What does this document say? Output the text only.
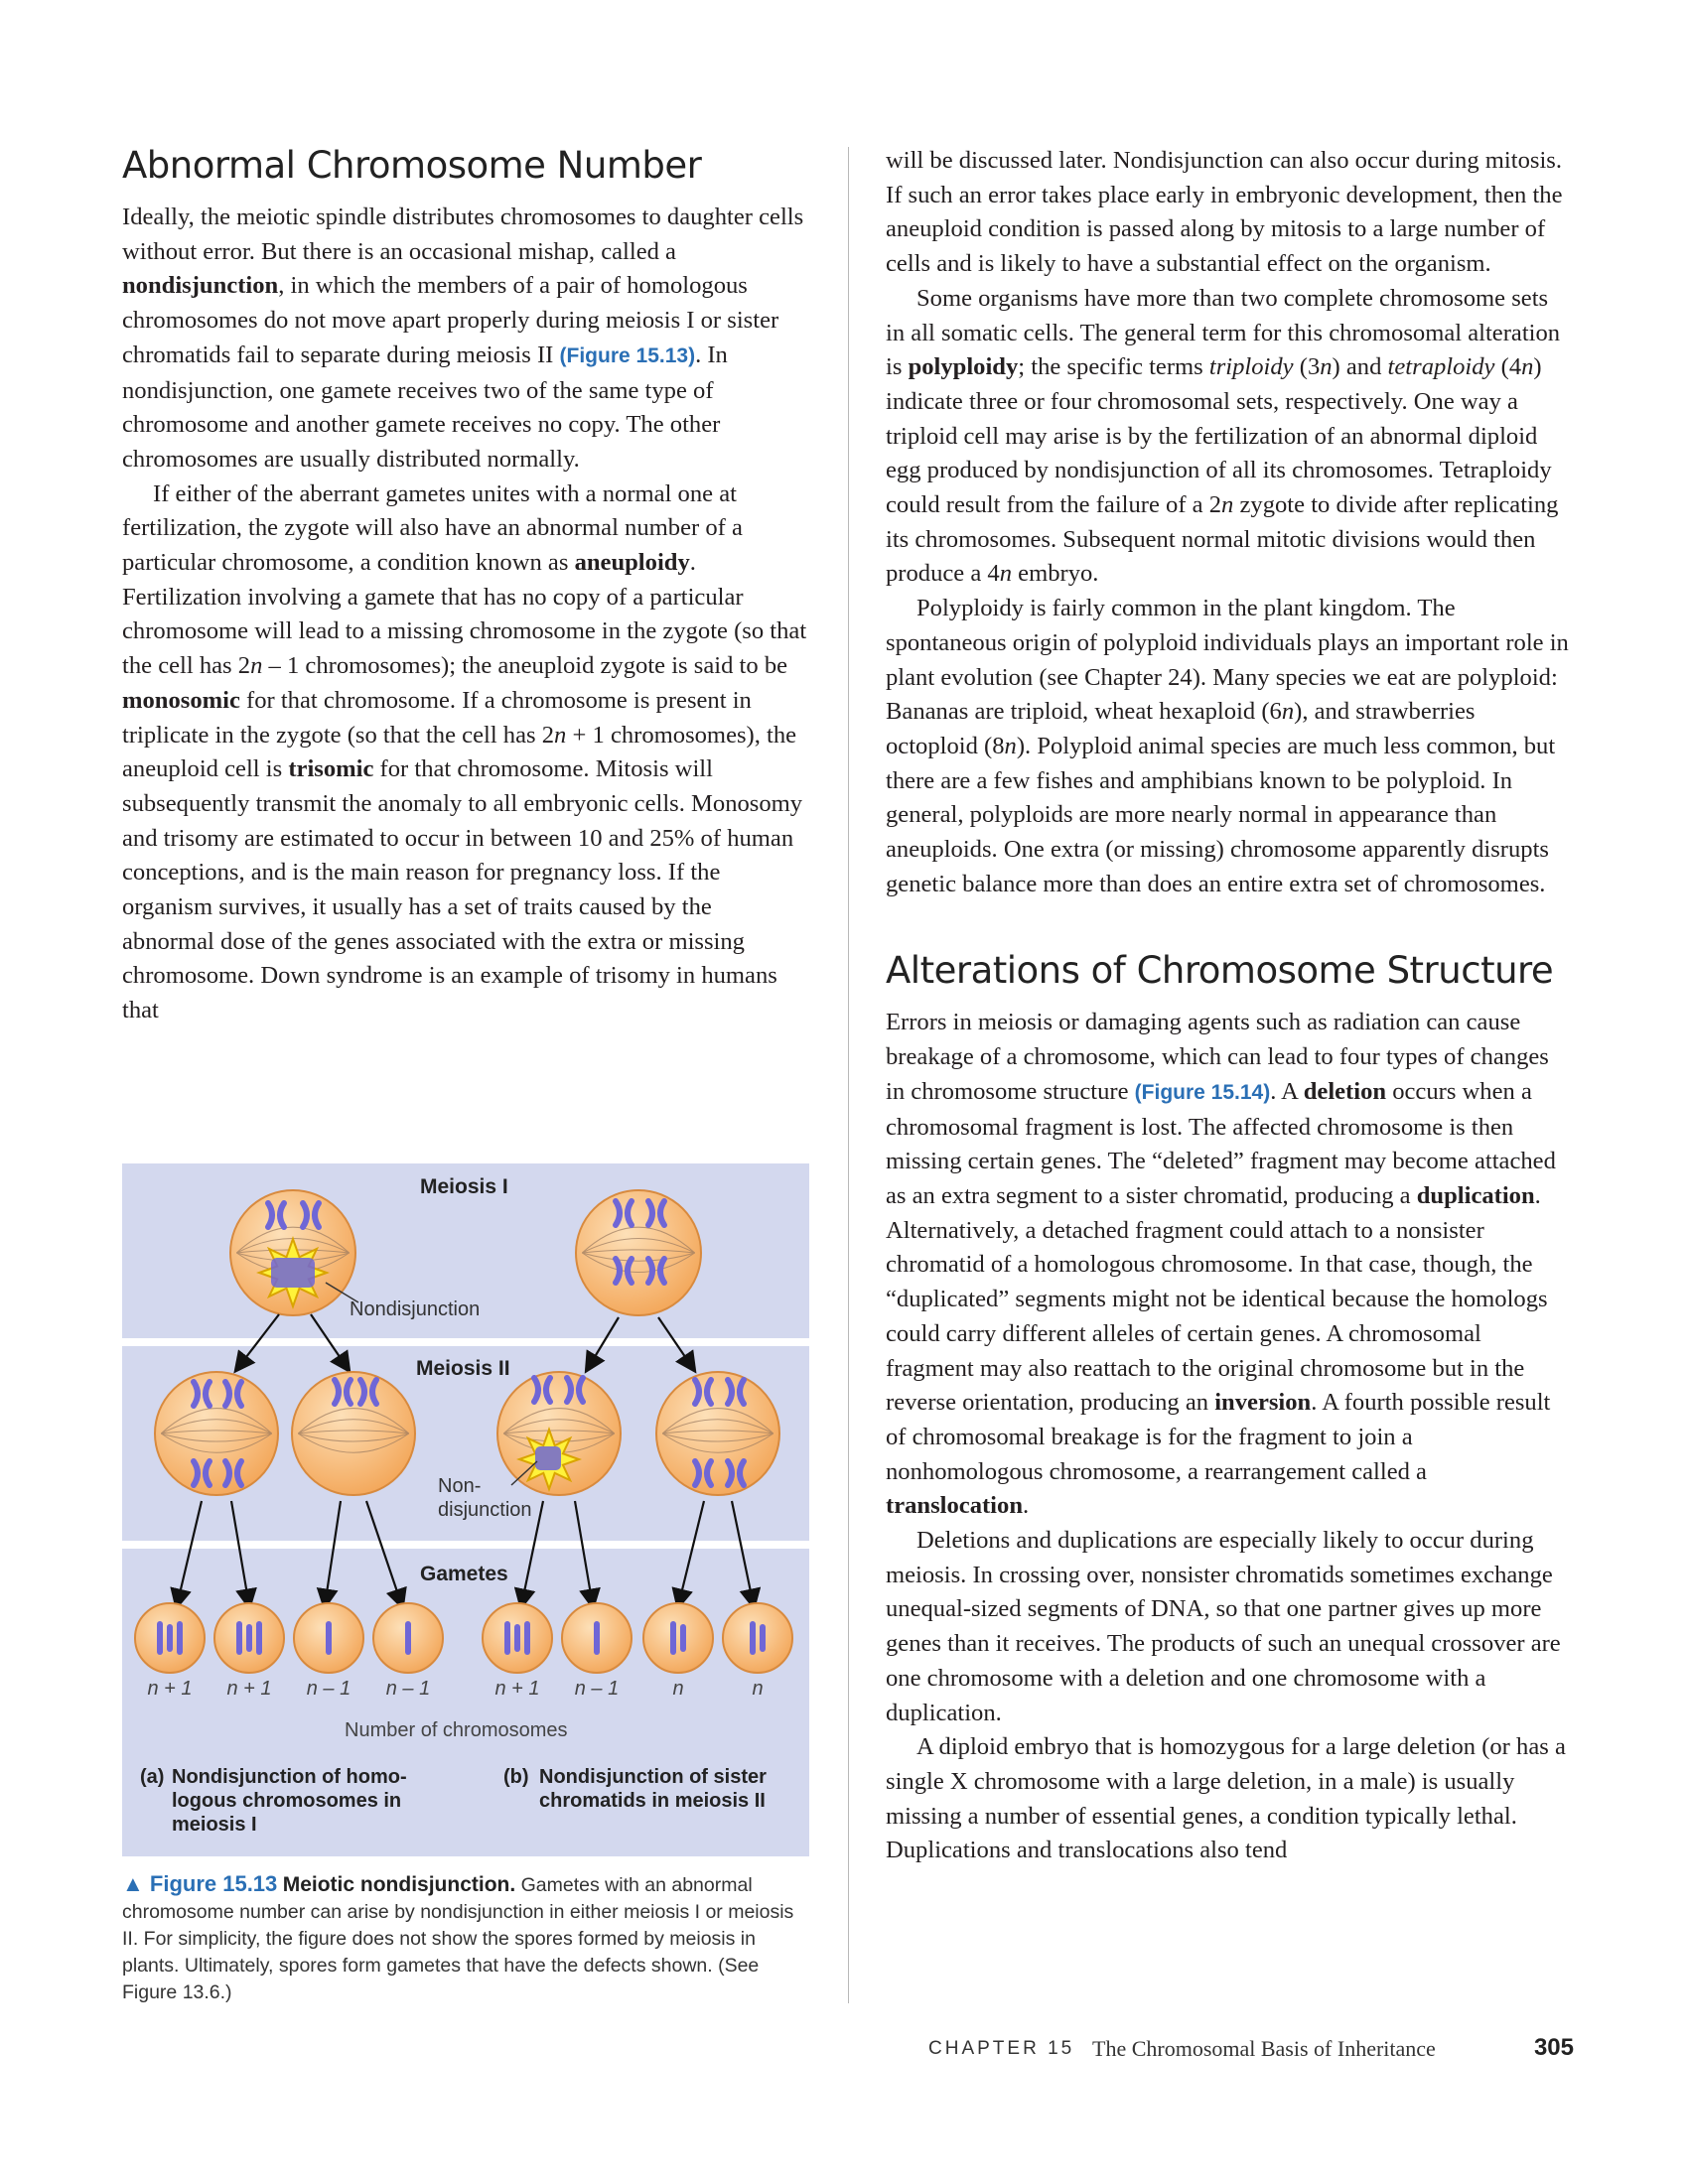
Abnormal Chromosome Number

Ideally, the meiotic spindle distributes chromosomes to daughter cells without error. But there is an occasional mishap, called a nondisjunction, in which the members of a pair of homologous chromosomes do not move apart properly during meiosis I or sister chromatids fail to separate during meiosis II (Figure 15.13). In nondisjunction, one gamete receives two of the same type of chromosome and another gamete receives no copy. The other chromosomes are usually distributed normally.

If either of the aberrant gametes unites with a normal one at fertilization, the zygote will also have an abnormal number of a particular chromosome, a condition known as aneuploidy. Fertilization involving a gamete that has no copy of a particular chromosome will lead to a missing chromosome in the zygote (so that the cell has 2n – 1 chromosomes); the aneuploid zygote is said to be monosomic for that chromosome. If a chromosome is present in triplicate in the zygote (so that the cell has 2n + 1 chromosomes), the aneuploid cell is trisomic for that chromosome. Mitosis will subsequently transmit the anomaly to all embryonic cells. Monosomy and trisomy are estimated to occur in between 10 and 25% of human conceptions, and is the main reason for pregnancy loss. If the organism survives, it usually has a set of traits caused by the abnormal dose of the genes associated with the extra or missing chromosome. Down syndrome is an example of trisomy in humans that

will be discussed later. Nondisjunction can also occur during mitosis. If such an error takes place early in embryonic development, then the aneuploid condition is passed along by mitosis to a large number of cells and is likely to have a substantial effect on the organism.

Some organisms have more than two complete chromosome sets in all somatic cells. The general term for this chromosomal alteration is polyploidy; the specific terms triploidy (3n) and tetraploidy (4n) indicate three or four chromosomal sets, respectively. One way a triploid cell may arise is by the fertilization of an abnormal diploid egg produced by nondisjunction of all its chromosomes. Tetraploidy could result from the failure of a 2n zygote to divide after replicating its chromosomes. Subsequent normal mitotic divisions would then produce a 4n embryo.

Polyploidy is fairly common in the plant kingdom. The spontaneous origin of polyploid individuals plays an important role in plant evolution (see Chapter 24). Many species we eat are polyploid: Bananas are triploid, wheat hexaploid (6n), and strawberries octoploid (8n). Polyploid animal species are much less common, but there are a few fishes and amphibians known to be polyploid. In general, polyploids are more nearly normal in appearance than aneuploids. One extra (or missing) chromosome apparently disrupts genetic balance more than does an entire extra set of chromosomes.

Alterations of Chromosome Structure

Errors in meiosis or damaging agents such as radiation can cause breakage of a chromosome, which can lead to four types of changes in chromosome structure (Figure 15.14). A deletion occurs when a chromosomal fragment is lost. The affected chromosome is then missing certain genes. The “deleted” fragment may become attached as an extra segment to a sister chromatid, producing a duplication. Alternatively, a detached fragment could attach to a nonsister chromatid of a homologous chromosome. In that case, though, the “duplicated” segments might not be identical because the homologs could carry different alleles of certain genes. A chromosomal fragment may also reattach to the original chromosome but in the reverse orientation, producing an inversion. A fourth possible result of chromosomal breakage is for the fragment to join a nonhomologous chromosome, a rearrangement called a translocation.

Deletions and duplications are especially likely to occur during meiosis. In crossing over, nonsister chromatids sometimes exchange unequal-sized segments of DNA, so that one partner gives up more genes than it receives. The products of such an unequal crossover are one chromosome with a deletion and one chromosome with a duplication.

A diploid embryo that is homozygous for a large deletion (or has a single X chromosome with a large deletion, in a male) is usually missing a number of essential genes, a condition typically lethal. Duplications and translocations also tend

Meiosis I
Meiosis II
Gametes
Nondisjunction
Non-
disjunction
Number of chromosomes
(a) Nondisjunction of homo-
logous chromosomes in
meiosis I
(b) Nondisjunction of sister
chromatids in meiosis II
n + 1 n + 1 n – 1 n – 1	n + 1 n – 1	n	n
▲ Figure 15.13 Meiotic nondisjunction. Gametes with an abnormal chromosome number can arise by nondisjunction in either meiosis I or meiosis II. For simplicity, the figure does not show the spores formed by meiosis in plants. Ultimately, spores form gametes that have the defects shown. (See Figure 13.6.)
CHAPTER 15 The Chromosomal Basis of Inheritance	305
